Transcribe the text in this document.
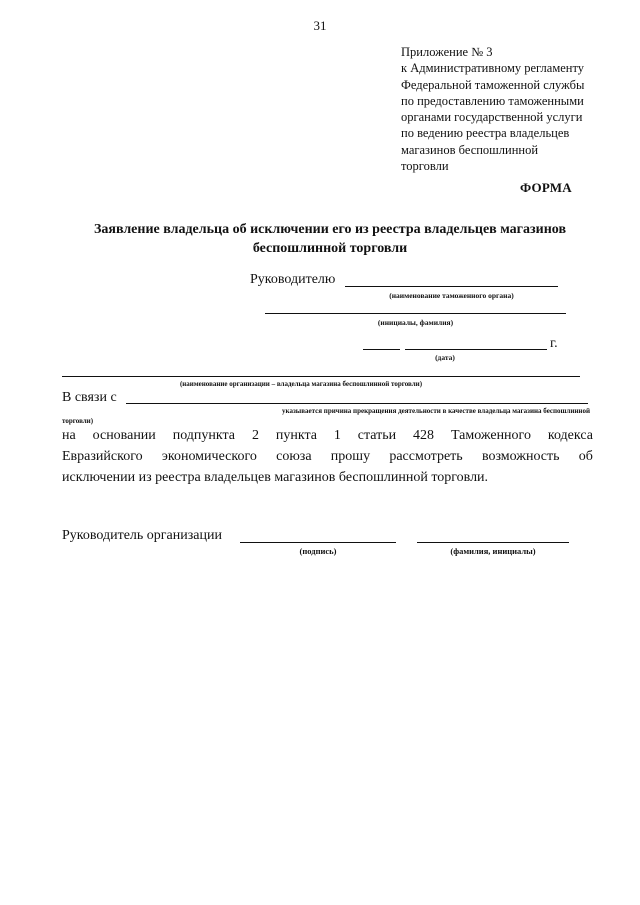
31
Приложение № 3
к Административному регламенту
Федеральной таможенной службы
по предоставлению таможенными
органами государственной услуги
по ведению реестра владельцев
магазинов беспошлинной
торговли
ФОРМА
Заявление владельца об исключении его из реестра владельцев магазинов
беспошлинной торговли
Руководителю
(наименование таможенного органа)
(инициалы, фамилия)
г.
(дата)
(наименование организации – владельца магазина беспошлинной торговли)
В связи с
указывается причина прекращения деятельности в качестве владельца магазина беспошлинной
торговли)
на основании подпункта 2 пункта 1 статьи 428 Таможенного кодекса
Евразийского экономического союза прошу рассмотреть возможность об
исключении из реестра владельцев магазинов беспошлинной торговли.
Руководитель организации
(подпись)	(фамилия, инициалы)
